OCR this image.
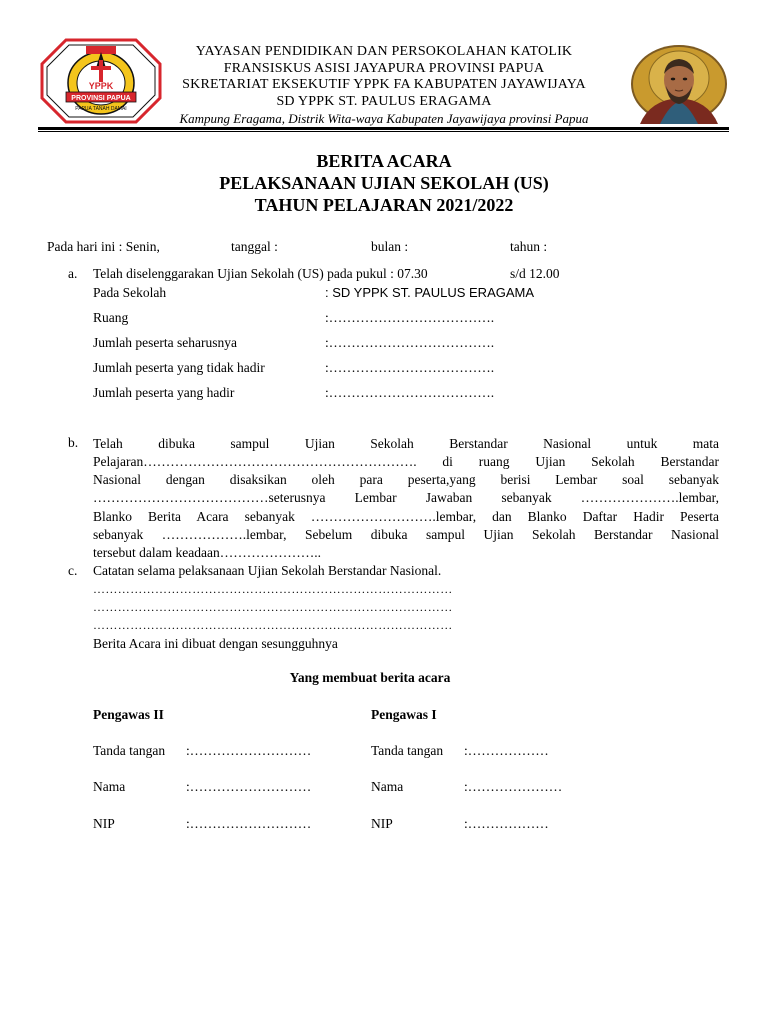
PAPUA TANAH DAMAI
YPPK
PROVINSI PAPUA
YAYASAN PENDIDIKAN DAN PERSOKOLAHAN KATOLIK
FRANSISKUS ASISI JAYAPURA PROVINSI PAPUA
SKRETARIAT EKSEKUTIF YPPK FA KABUPATEN JAYAWIJAYA
SD YPPK ST. PAULUS ERAGAMA
Kampung Eragama, Distrik Wita-waya Kabupaten Jayawijaya provinsi Papua
BERITA ACARA
PELAKSANAAN UJIAN SEKOLAH (US)
TAHUN PELAJARAN 2021/2022
Pada hari ini : Senin,	tanggal :	bulan :	tahun :
a. Telah diselenggarakan Ujian Sekolah (US) pada pukul : 07.30	s/d 12.00
Pada Sekolah	: SD YPPK ST. PAULUS ERAGAMA
Ruang	:……………………………….
Jumlah peserta seharusnya	:……………………………….
Jumlah peserta yang tidak hadir	:……………………………….
Jumlah peserta yang hadir	:……………………………….
b. Telah dibuka sampul Ujian Sekolah Berstandar Nasional untuk mata
Pelajaran……………………………………………………. di ruang Ujian Sekolah Berstandar
Nasional dengan disaksikan oleh para peserta,yang berisi Lembar soal sebanyak
…………………………………seterusnya Lembar Jawaban sebanyak ………………….lembar,
Blanko Berita Acara sebanyak ……………………….lembar, dan Blanko Daftar Hadir Peserta
sebanyak ……………….lembar, Sebelum dibuka sampul Ujian Sekolah Berstandar Nasional
tersebut dalam keadaan…………………..
c. Catatan selama pelaksanaan Ujian Sekolah Berstandar Nasional.
……………………………………………………………………………
……………………………………………………………………………
……………………………………………………………………………
Berita Acara ini dibuat dengan sesungguhnya
Yang membuat berita acara
Pengawas II	Pengawas I
Tanda tangan :………………………	Tanda tangan :………………
Nama	:………………………	Nama	:…………………
NIP	:………………………	NIP	:………………
